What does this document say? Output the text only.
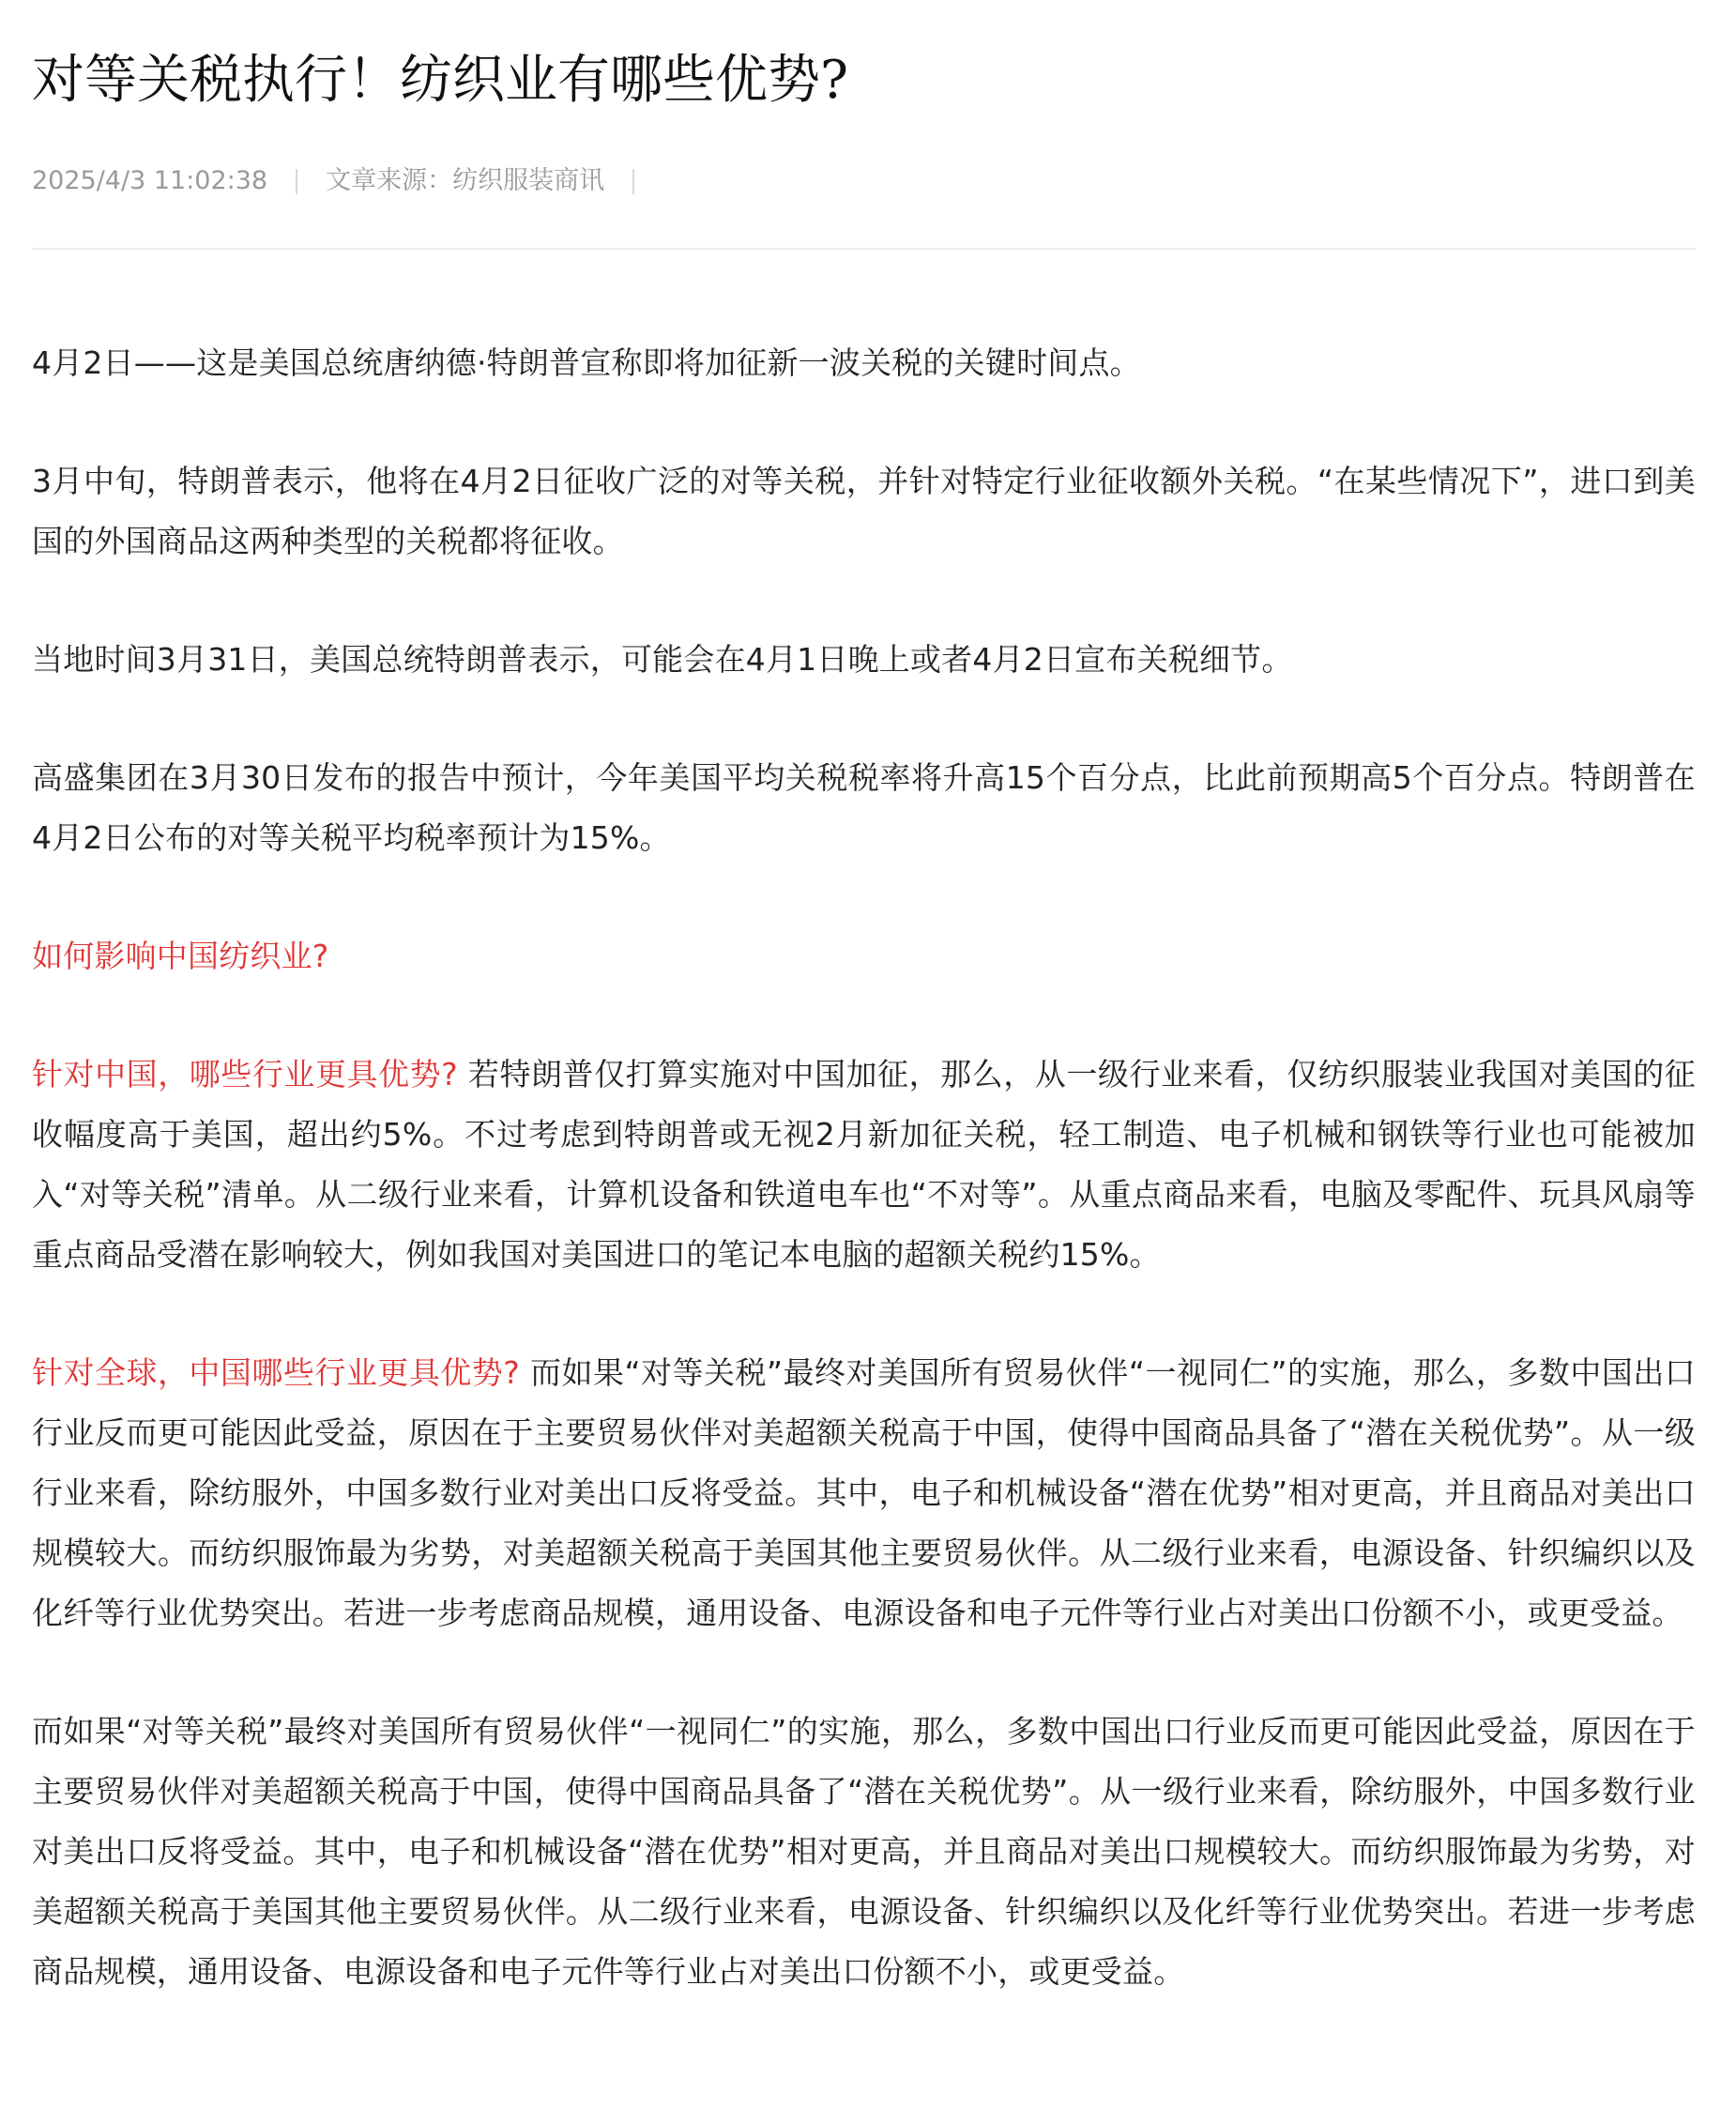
对等关税执行！纺织业有哪些优势?
2025/4/3 11:02:38 文章来源： 纺织服装商讯

4月2日——这是美国总统唐纳德·特朗普宣称即将加征新一波关税的关键时间点。

3月中旬，特朗普表示，他将在4月2日征收广泛的对等关税，并针对特定行业征收额外关税。“在某些情况下”，进口到美国的外国商品这两种类型的关税都将征收。

当地时间3月31日，美国总统特朗普表示，可能会在4月1日晚上或者4月2日宣布关税细节。

高盛集团在3月30日发布的报告中预计，今年美国平均关税税率将升高15个百分点，比此前预期高5个百分点。特朗普在4月2日公布的对等关税平均税率预计为15%。

如何影响中国纺织业?

针对中国，哪些行业更具优势? 若特朗普仅打算实施对中国加征，那么，从一级行业来看，仅纺织服装业我国对美国的征收幅度高于美国，超出约5%。不过考虑到特朗普或无视2月新加征关税，轻工制造、电子机械和钢铁等行业也可能被加入“对等关税”清单。从二级行业来看，计算机设备和铁道电车也“不对等”。从重点商品来看，电脑及零配件、玩具风扇等重点商品受潜在影响较大，例如我国对美国进口的笔记本电脑的超额关税约15%。

针对全球，中国哪些行业更具优势? 而如果“对等关税”最终对美国所有贸易伙伴“一视同仁”的实施，那么，多数中国出口行业反而更可能因此受益，原因在于主要贸易伙伴对美超额关税高于中国，使得中国商品具备了“潜在关税优势”。从一级行业来看，除纺服外，中国多数行业对美出口反将受益。其中，电子和机械设备“潜在优势”相对更高，并且商品对美出口规模较大。而纺织服饰最为劣势，对美超额关税高于美国其他主要贸易伙伴。从二级行业来看，电源设备、针织编织以及化纤等行业优势突出。若进一步考虑商品规模，通用设备、电源设备和电子元件等行业占对美出口份额不小，或更受益。

而如果“对等关税”最终对美国所有贸易伙伴“一视同仁”的实施，那么，多数中国出口行业反而更可能因此受益，原因在于主要贸易伙伴对美超额关税高于中国，使得中国商品具备了“潜在关税优势”。从一级行业来看，除纺服外，中国多数行业对美出口反将受益。其中，电子和机械设备“潜在优势”相对更高，并且商品对美出口规模较大。而纺织服饰最为劣势，对美超额关税高于美国其他主要贸易伙伴。从二级行业来看，电源设备、针织编织以及化纤等行业优势突出。若进一步考虑商品规模，通用设备、电源设备和电子元件等行业占对美出口份额不小，或更受益。
